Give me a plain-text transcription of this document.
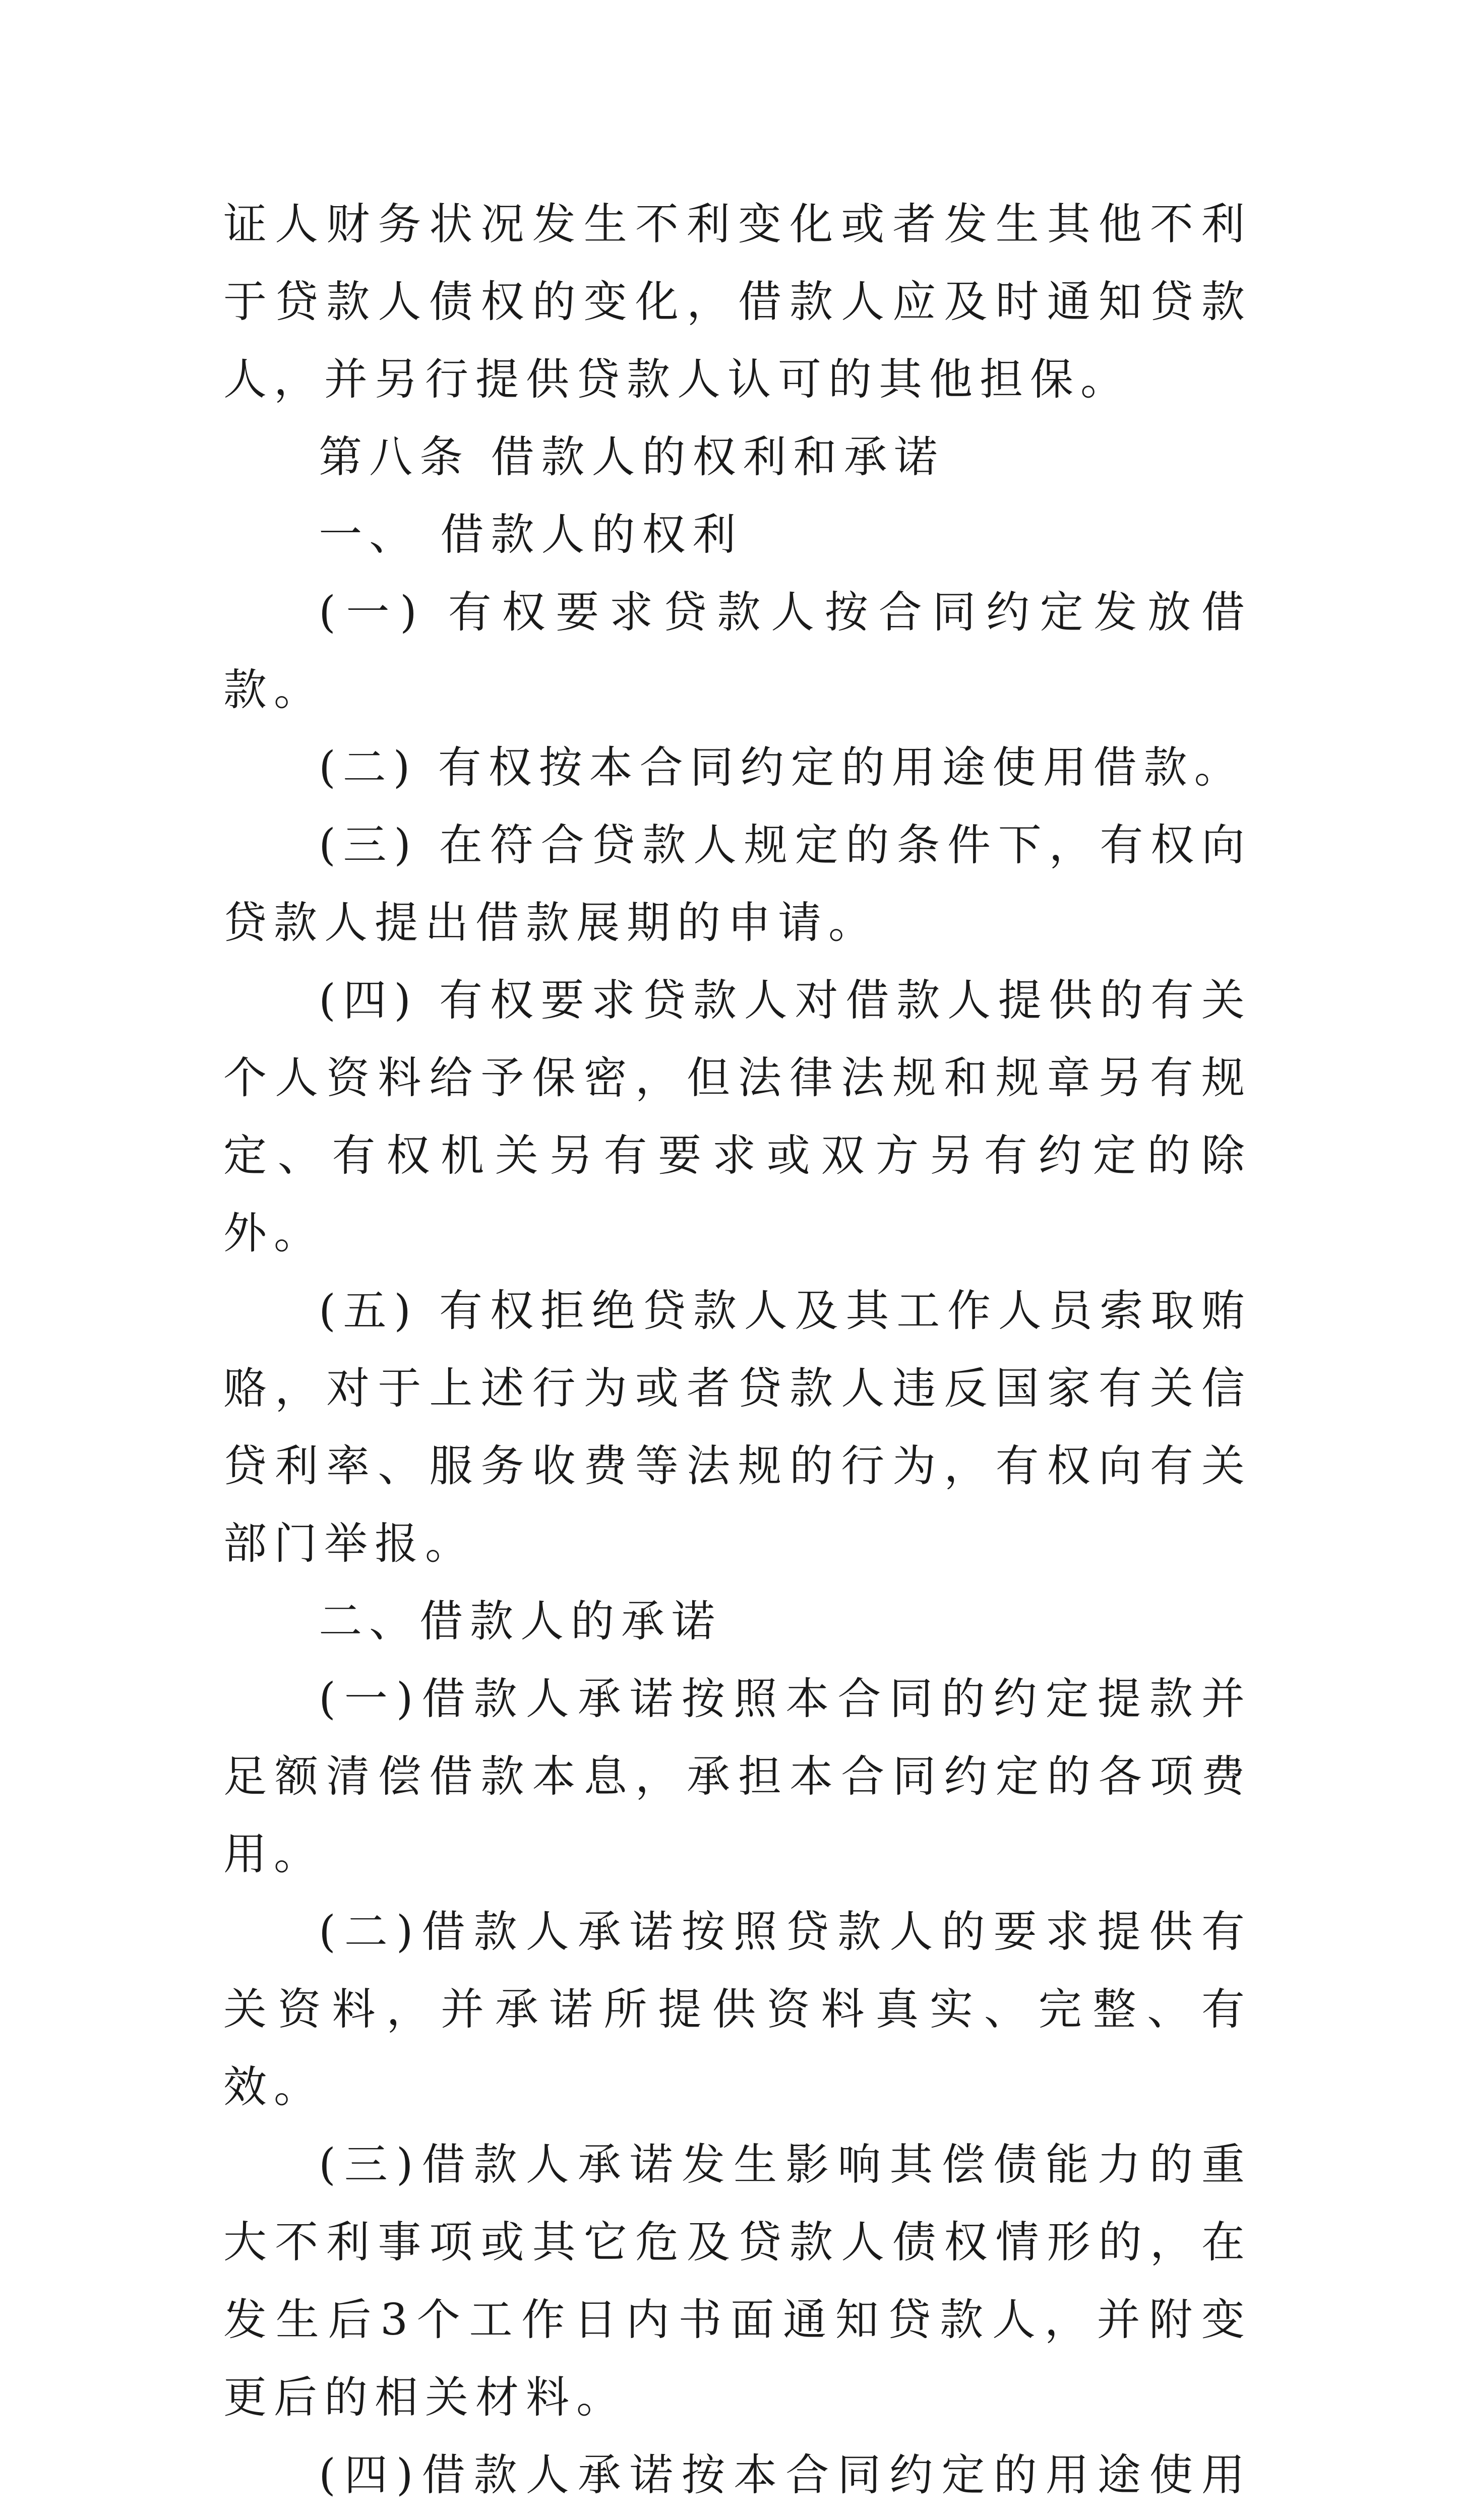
证人财务状况发生不利变化或者发生其他不利于贷款人债权的变化，借款人应及时通知贷款人，并另行提供贷款人认可的其他担保。

第八条 借款人的权利和承诺

一、 借款人的权利

(一) 有权要求贷款人按合同约定发放借款。

(二) 有权按本合同约定的用途使用借款。

(三) 在符合贷款人规定的条件下，有权向贷款人提出借款展期的申请。

(四) 有权要求贷款人对借款人提供的有关个人资料给予保密，但法律法规和规章另有规定、有权机关另有要求或双方另有约定的除外。

(五) 有权拒绝贷款人及其工作人员索取贿赂，对于上述行为或者贷款人违反国家有关信贷利率、服务收费等法规的行为，有权向有关部门举报。

二、借款人的承诺

(一)借款人承诺按照本合同的约定提款并足额清偿借款本息，承担本合同约定的各项费用。

(二)借款人承诺按照贷款人的要求提供有关资料，并承诺所提供资料真实、完整、有效。

(三)借款人承诺发生影响其偿债能力的重大不利事项或其它危及贷款人债权情形的，在发生后3个工作日内书面通知贷款人，并附变更后的相关材料。

(四)借款人承诺按本合同约定的用途使用
